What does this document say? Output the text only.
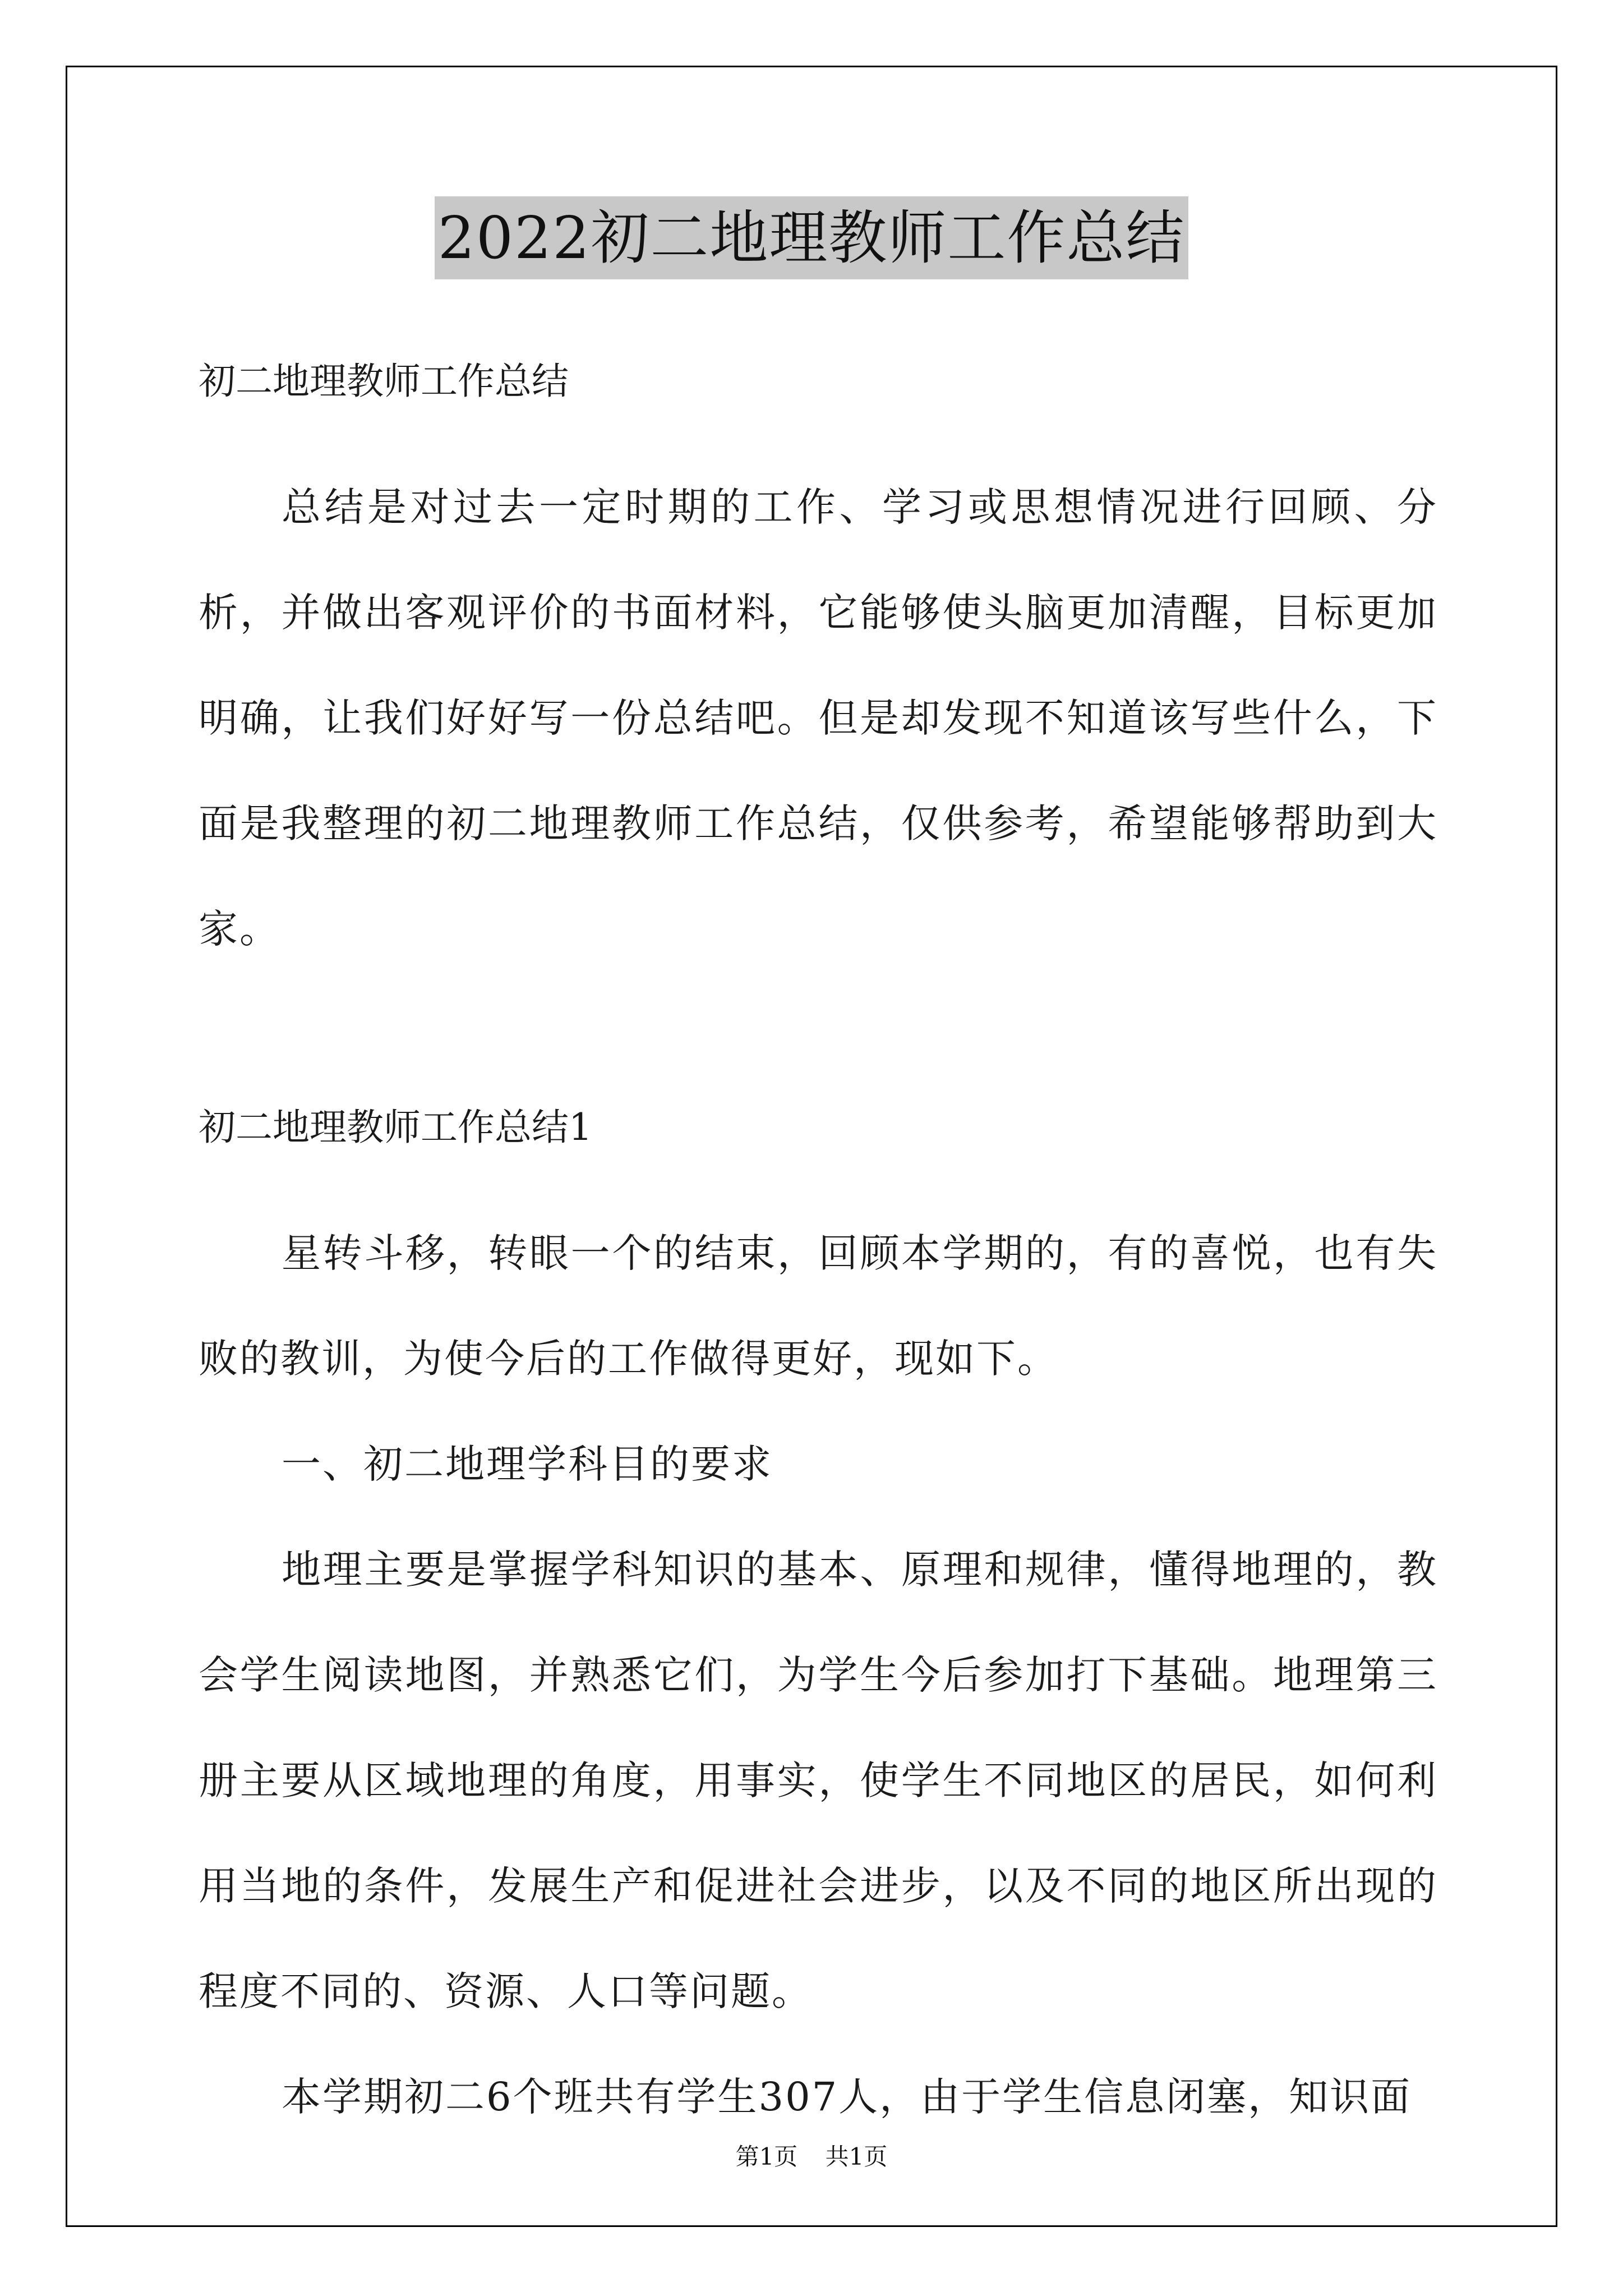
2022初二地理教师工作总结

初二地理教师工作总结

总结是对过去一定时期的工作、学习或思想情况进行回顾、分析，并做出客观评价的书面材料，它能够使头脑更加清醒，目标更加明确，让我们好好写一份总结吧。但是却发现不知道该写些什么，下面是我整理的初二地理教师工作总结，仅供参考，希望能够帮助到大家。

初二地理教师工作总结1

星转斗移，转眼一个的结束，回顾本学期的，有的喜悦，也有失败的教训，为使今后的工作做得更好，现如下。

一、初二地理学科目的要求

地理主要是掌握学科知识的基本、原理和规律，懂得地理的，教会学生阅读地图，并熟悉它们，为学生今后参加打下基础。地理第三册主要从区域地理的角度，用事实，使学生不同地区的居民，如何利用当地的条件，发展生产和促进社会进步，以及不同的地区所出现的程度不同的、资源、人口等问题。

本学期初二6个班共有学生307人，由于学生信息闭塞，知识面

第1页 共1页
